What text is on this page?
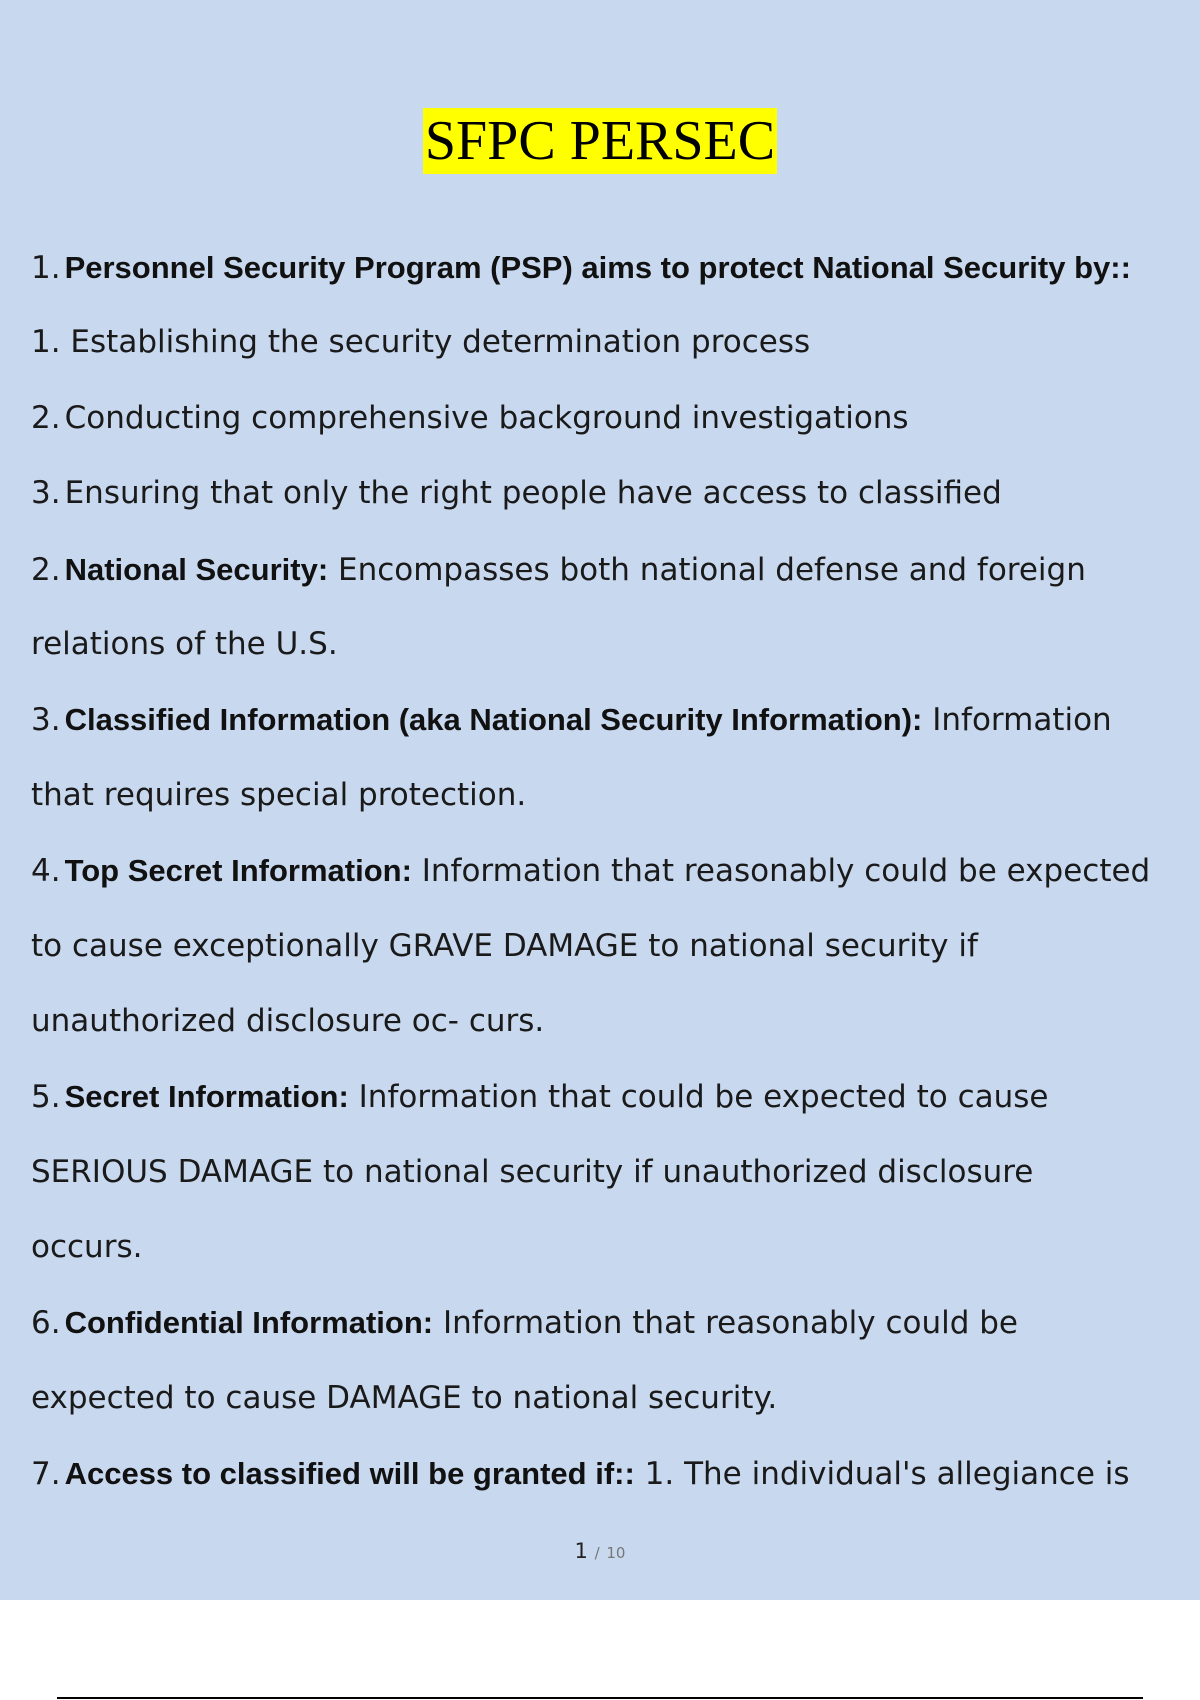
SFPC PERSEC
1. Personnel Security Program (PSP) aims to protect National Security by::
1. Establishing the security determination process
2. Conducting comprehensive background investigations
3. Ensuring that only the right people have access to classified
2. National Security: Encompasses both national defense and foreign
relations of the U.S.
3. Classified Information (aka National Security Information): Information
that requires special protection.
4. Top Secret Information: Information that reasonably could be expected
to cause exceptionally GRAVE DAMAGE to national security if
unauthorized disclosure oc- curs.
5. Secret Information: Information that could be expected to cause
SERIOUS DAMAGE to national security if unauthorized disclosure
occurs.
6. Confidential Information: Information that reasonably could be
expected to cause DAMAGE to national security.
7. Access to classified will be granted if:: 1. The individual's allegiance is
1 / 10
